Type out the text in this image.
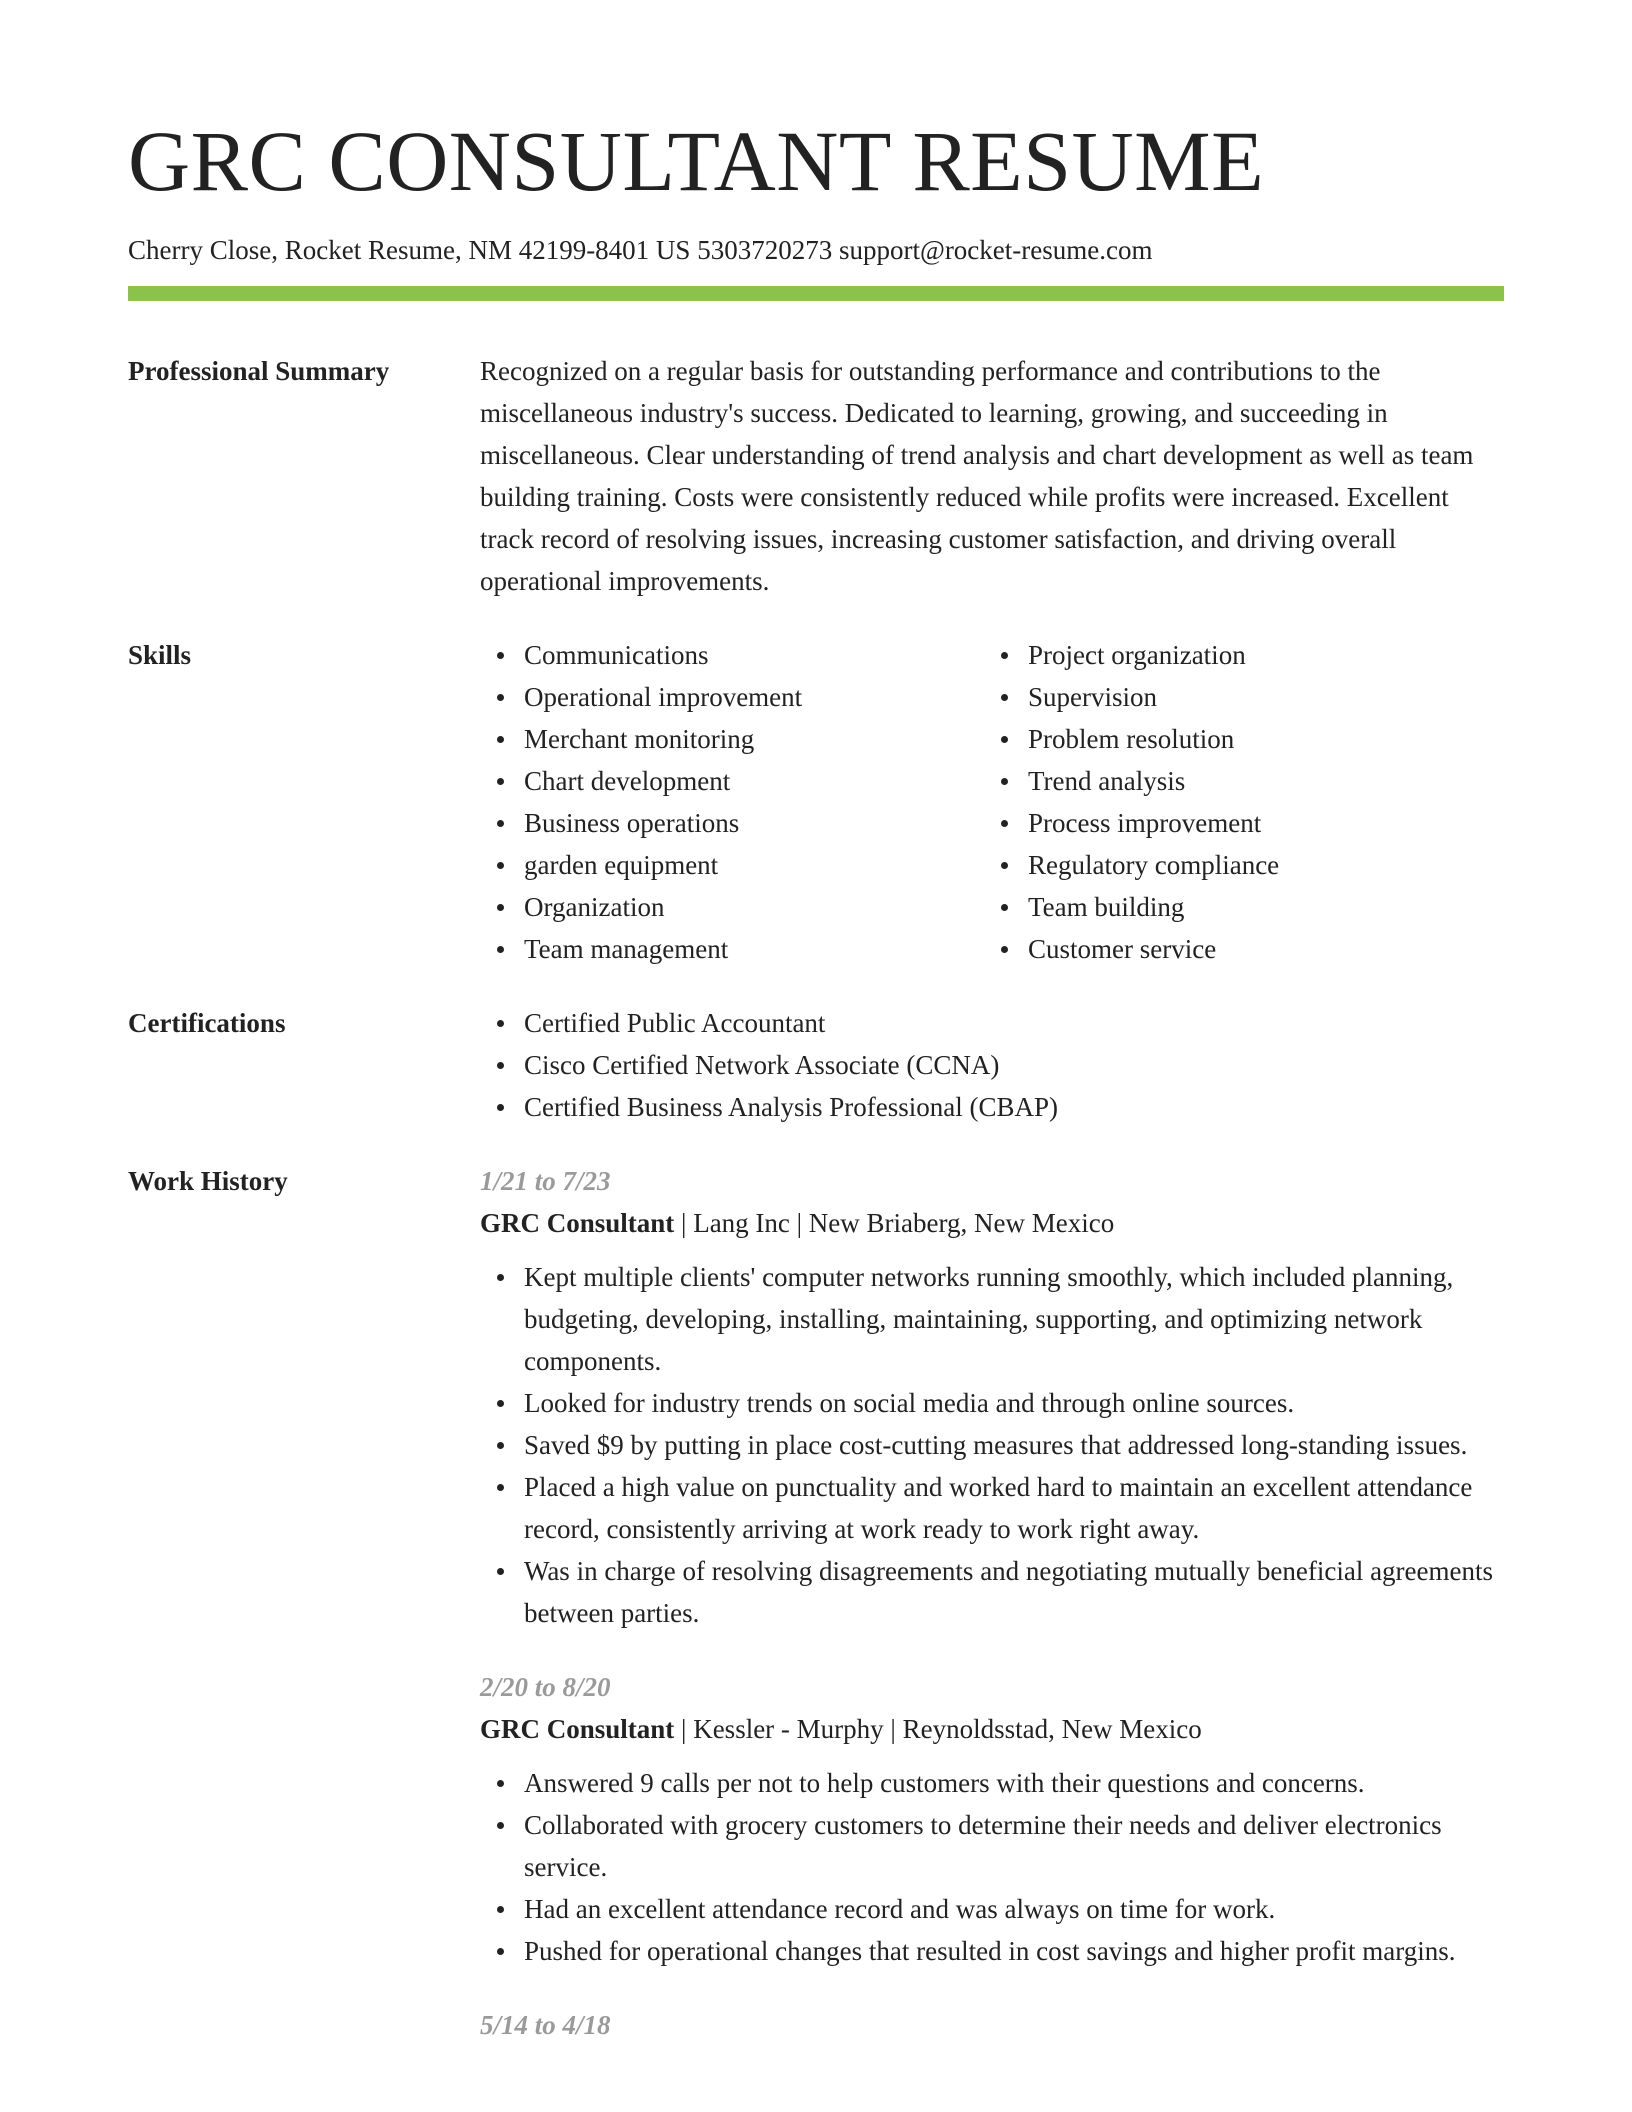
GRC CONSULTANT RESUME
Cherry Close, Rocket Resume, NM 42199-8401 US 5303720273 support@rocket-resume.com
Professional Summary	Recognized on a regular basis for outstanding performance and contributions to the miscellaneous industry's success. Dedicated to learning, growing, and succeeding in miscellaneous. Clear understanding of trend analysis and chart development as well as team building training. Costs were consistently reduced while profits were increased. Excellent track record of resolving issues, increasing customer satisfaction, and driving overall operational improvements.

Skills	Communications
Operational improvement
Merchant monitoring
Chart development
Business operations
garden equipment
Organization
Team management
Project organization
Supervision
Problem resolution
Trend analysis
Process improvement
Regulatory compliance
Team building
Customer service
Certifications	Certified Public Accountant
Cisco Certified Network Associate (CCNA)
Certified Business Analysis Professional (CBAP)
Work History	1/21 to 7/23
GRC Consultant | Lang Inc | New Briaberg, New Mexico
Kept multiple clients' computer networks running smoothly, which included planning, budgeting, developing, installing, maintaining, supporting, and optimizing network components.
Looked for industry trends on social media and through online sources.
Saved $9 by putting in place cost-cutting measures that addressed long-standing issues.
Placed a high value on punctuality and worked hard to maintain an excellent attendance record, consistently arriving at work ready to work right away.
Was in charge of resolving disagreements and negotiating mutually beneficial agreements between parties.
2/20 to 8/20
GRC Consultant | Kessler - Murphy | Reynoldsstad, New Mexico
Answered 9 calls per not to help customers with their questions and concerns.
Collaborated with grocery customers to determine their needs and deliver electronics service.
Had an excellent attendance record and was always on time for work.
Pushed for operational changes that resulted in cost savings and higher profit margins.
5/14 to 4/18
